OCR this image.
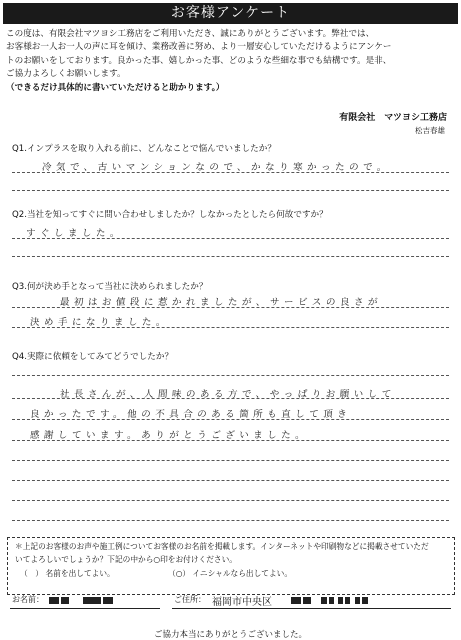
お客様アンケート

この度は、有限会社マツヨシ工務店をご利用いただき、誠にありがとうございます。弊社では、

お客様お一人お一人の声に耳を傾け、業務改善に努め、より一層安心していただけるようにアンケー

トのお願いをしております。良かった事、嬉しかった事、どのような些細な事でも結構です。是非、

ご協力よろしくお願いします。

（できるだけ具体的に書いていただけると助かります。）

有限会社　マツヨシ工務店
松吉春雄
Q1.インプラスを取り入れる前に、どんなことで悩んでいましたか？
冷気で、古いマンションなので、かなり寒かったので。
Q2.当社を知ってすぐに問い合わせしましたか？しなかったとしたら何故ですか？
すぐしました。
Q3.何が決め手となって当社に決められましたか？
最初はお値段に惹かれましたが、サービスの良さが
決め手になりました。
Q4.実際に依頼をしてみてどうでしたか？
社長さんが、人間味のある方で、やっぱりお願いして
良かったです。他の不具合のある箇所も直して頂き
感謝しています。ありがとうございました。
＊上記のお客様のお声や施工例についてお客様のお名前を掲載します。インターネットや印刷物などに掲載させていただ
いてよろしいでしょうか？下記の中から○印をお付けください。
（　） 名前を出してよい。	（○） イニシャルなら出してよい。
お名前：
	ご住所： 福岡市中央区

ご協力本当にありがとうございました。
